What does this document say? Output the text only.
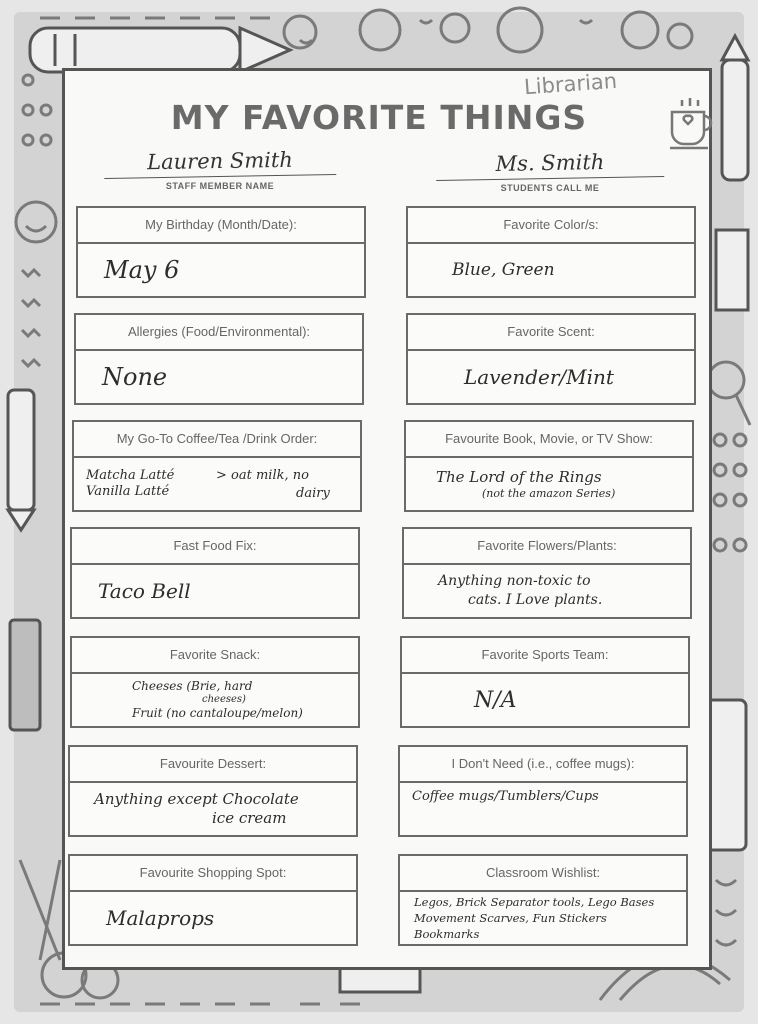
MY FAVORITE THINGS
Librarian
Lauren Smith
STAFF MEMBER NAME
Ms. Smith
STUDENTS CALL ME
My Birthday (Month/Date):
May 6
Allergies (Food/Environmental):
None
My Go-To Coffee/Tea /Drink Order:
Matcha Latté
Vanilla Latté
> oat milk, no
dairy
Fast Food Fix:
Taco Bell
Favorite Snack:
Cheeses (Brie, hard
cheeses)
Fruit (no cantaloupe/melon)
Favourite Dessert:
Anything except Chocolate
ice cream
Favourite Shopping Spot:
Malaprops
Favorite Color/s:
Blue, Green
Favorite Scent:
Lavender/Mint
Favourite Book, Movie, or TV Show:
The Lord of the Rings
(not the amazon Series)
Favorite Flowers/Plants:
Anything non-toxic to
cats. I Love plants.
Favorite Sports Team:
N/A
I Don't Need (i.e., coffee mugs):
Coffee mugs/Tumblers/Cups
Classroom Wishlist:
Legos, Brick Separator tools, Lego Bases
Movement Scarves, Fun Stickers
Bookmarks
